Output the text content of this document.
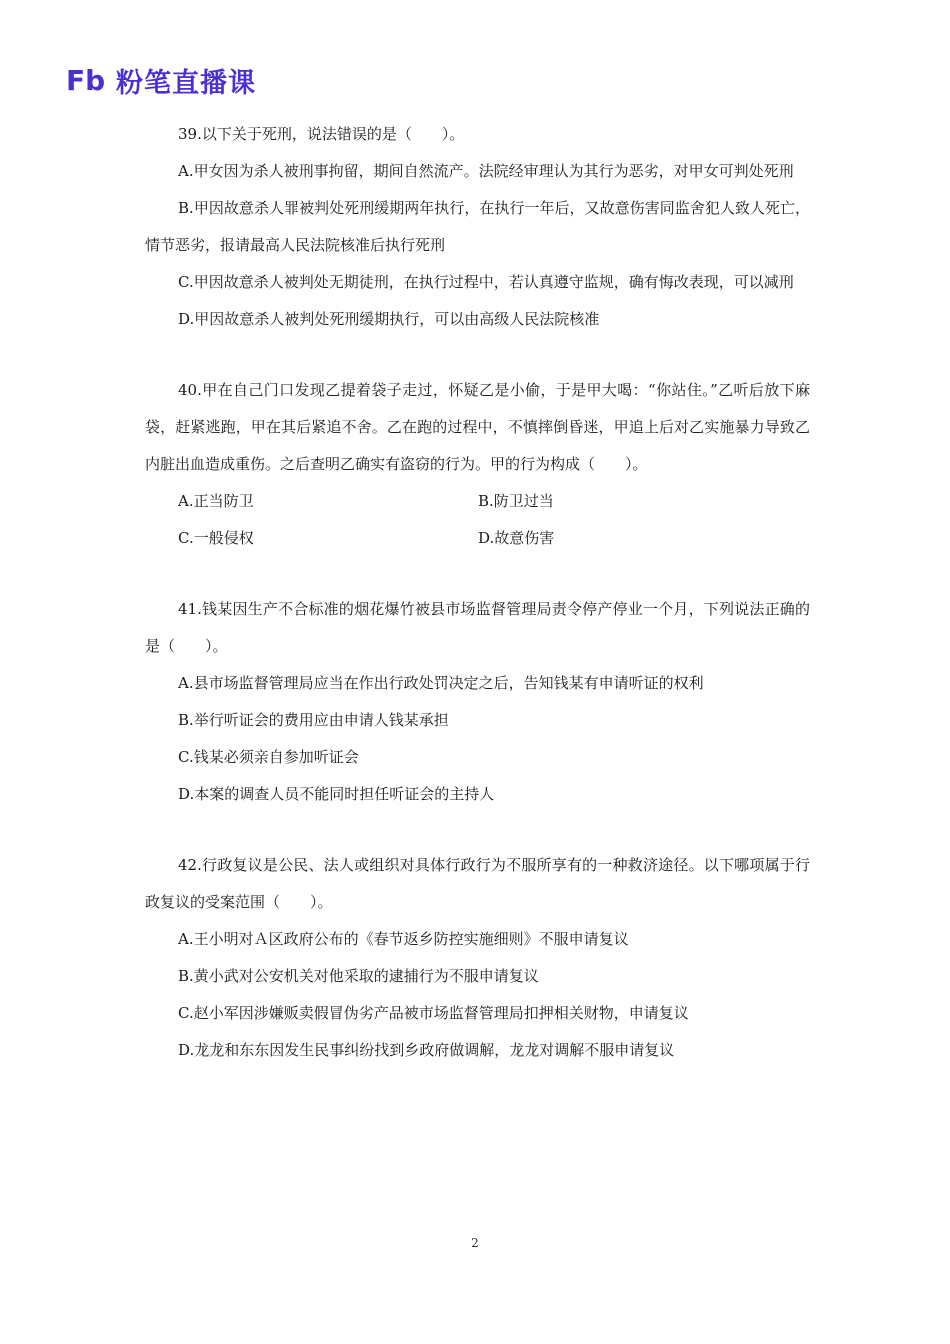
Fb 粉笔直播课

39.以下关于死刑，说法错误的是（　　）。

A.甲女因为杀人被刑事拘留，期间自然流产。法院经审理认为其行为恶劣，对甲女可判处死刑

B.甲因故意杀人罪被判处死刑缓期两年执行，在执行一年后，又故意伤害同监舍犯人致人死亡，情节恶劣，报请最高人民法院核准后执行死刑

C.甲因故意杀人被判处无期徒刑，在执行过程中，若认真遵守监规，确有悔改表现，可以减刑

D.甲因故意杀人被判处死刑缓期执行，可以由高级人民法院核准

40.甲在自己门口发现乙提着袋子走过，怀疑乙是小偷，于是甲大喝：“你站住。”乙听后放下麻袋，赶紧逃跑，甲在其后紧追不舍。乙在跑的过程中，不慎摔倒昏迷，甲追上后对乙实施暴力导致乙内脏出血造成重伤。之后查明乙确实有盗窃的行为。甲的行为构成（　　）。

A.正当防卫	B.防卫过当

C.一般侵权	D.故意伤害

41.钱某因生产不合标准的烟花爆竹被县市场监督管理局责令停产停业一个月，下列说法正确的是（　　）。

A.县市场监督管理局应当在作出行政处罚决定之后，告知钱某有申请听证的权利

B.举行听证会的费用应由申请人钱某承担

C.钱某必须亲自参加听证会

D.本案的调查人员不能同时担任听证会的主持人

42.行政复议是公民、法人或组织对具体行政行为不服所享有的一种救济途径。以下哪项属于行政复议的受案范围（　　）。

A.王小明对Ａ区政府公布的《春节返乡防控实施细则》不服申请复议

B.黄小武对公安机关对他采取的逮捕行为不服申请复议

C.赵小军因涉嫌贩卖假冒伪劣产品被市场监督管理局扣押相关财物，申请复议

D.龙龙和东东因发生民事纠纷找到乡政府做调解，龙龙对调解不服申请复议

2
